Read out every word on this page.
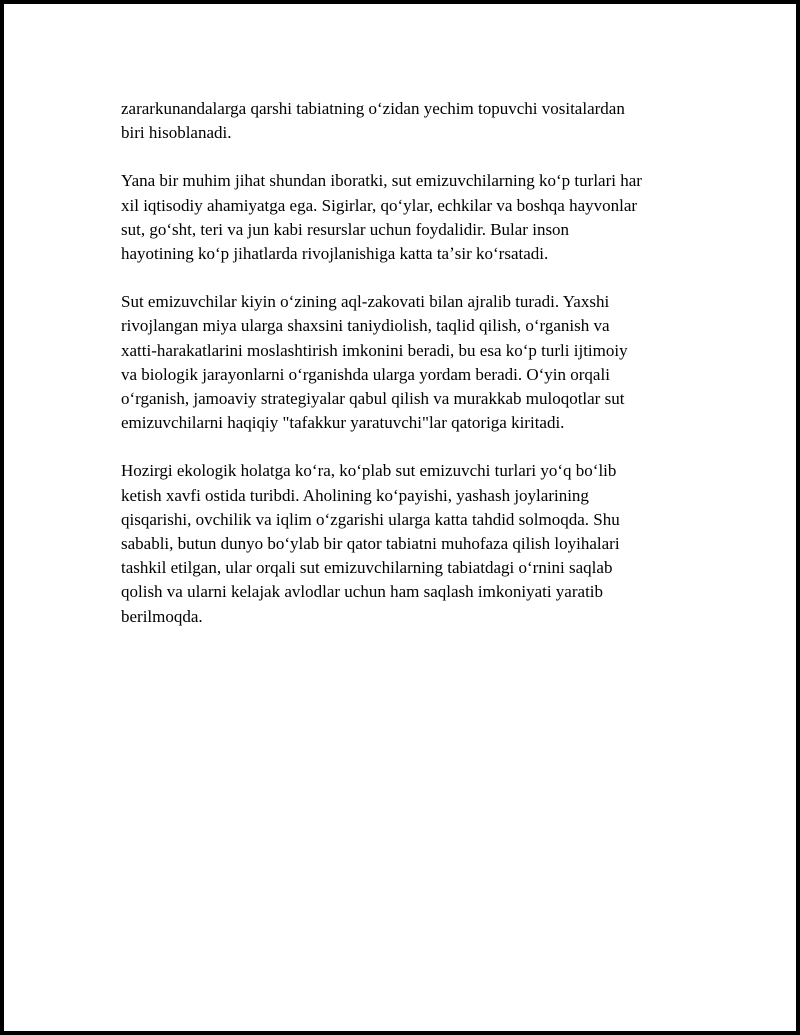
zararkunandalarga qarshi tabiatning oʻzidan yechim topuvchi vositalardan
biri hisoblanadi.

Yana bir muhim jihat shundan iboratki, sut emizuvchilarning koʻp turlari har
xil iqtisodiy ahamiyatga ega. Sigirlar, qoʻylar, echkilar va boshqa hayvonlar
sut, goʻsht, teri va jun kabi resurslar uchun foydalidir. Bular inson
hayotining koʻp jihatlarda rivojlanishiga katta taʼsir koʻrsatadi.

Sut emizuvchilar kiyin oʻzining aql-zakovati bilan ajralib turadi. Yaxshi
rivojlangan miya ularga shaxsini taniydiolish, taqlid qilish, oʻrganish va
xatti-harakatlarini moslashtirish imkonini beradi, bu esa koʻp turli ijtimoiy
va biologik jarayonlarni oʻrganishda ularga yordam beradi. Oʻyin orqali
oʻrganish, jamoaviy strategiyalar qabul qilish va murakkab muloqotlar sut
emizuvchilarni haqiqiy "tafakkur yaratuvchi"lar qatoriga kiritadi.

Hozirgi ekologik holatga koʻra, koʻplab sut emizuvchi turlari yoʻq boʻlib
ketish xavfi ostida turibdi. Aholining koʻpayishi, yashash joylarining
qisqarishi, ovchilik va iqlim oʻzgarishi ularga katta tahdid solmoqda. Shu
sababli, butun dunyo boʻylab bir qator tabiatni muhofaza qilish loyihalari
tashkil etilgan, ular orqali sut emizuvchilarning tabiatdagi oʻrnini saqlab
qolish va ularni kelajak avlodlar uchun ham saqlash imkoniyati yaratib
berilmoqda.
